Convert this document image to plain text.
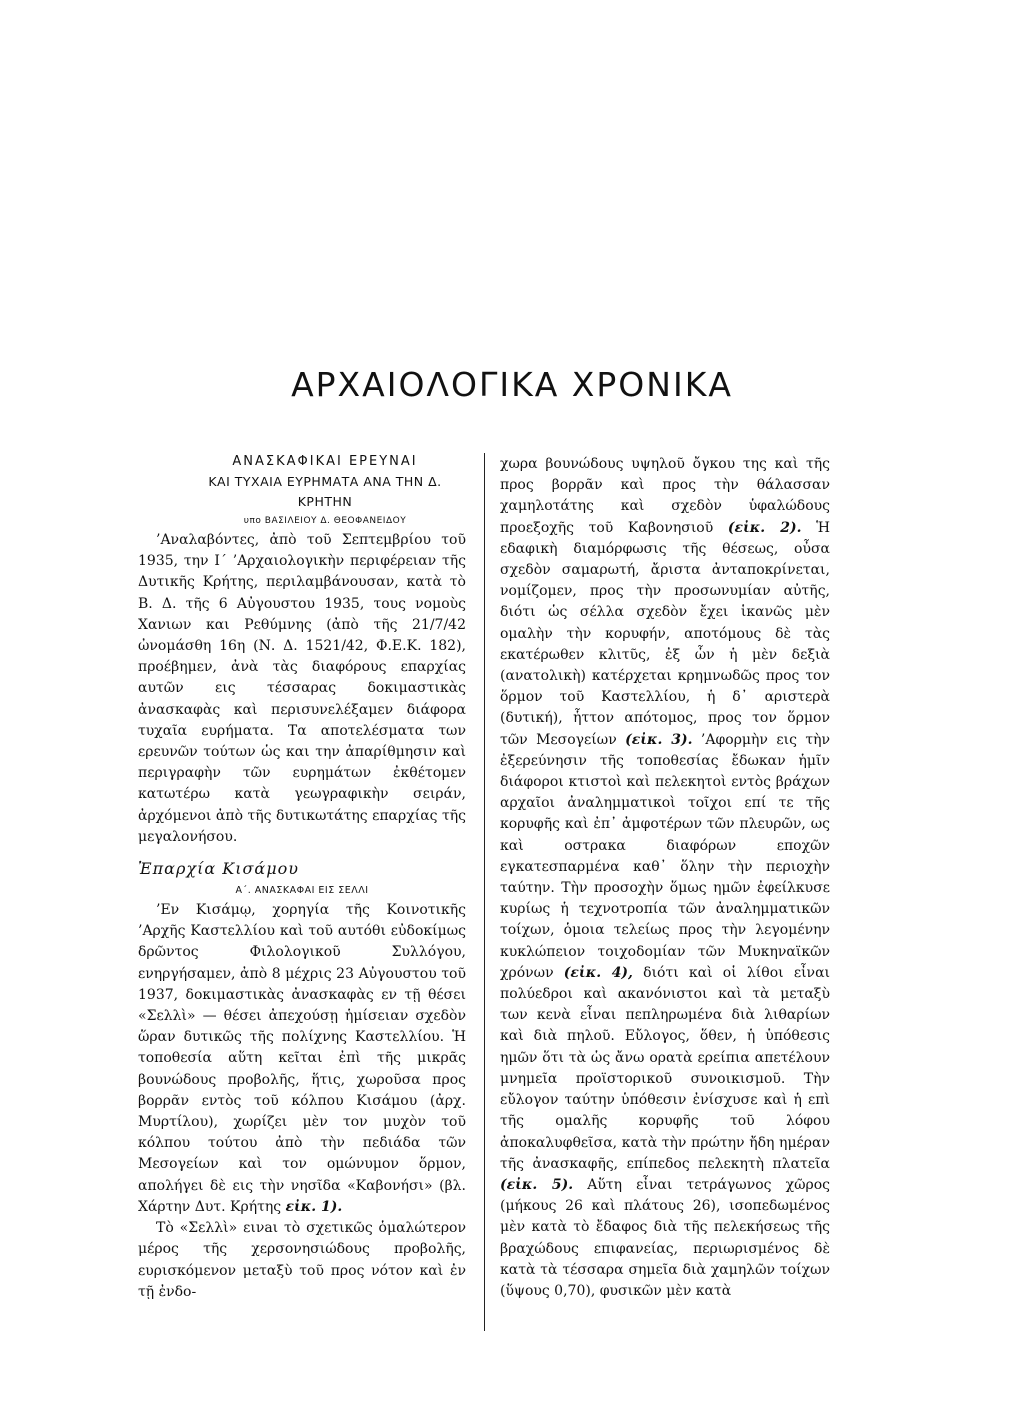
ΑΡΧΑΙΟΛΟΓΙΚΑ ΧΡΟΝΙΚΑ
ΑΝΑΣΚΑΦΙΚΑΙ ΕΡΕΥΝΑΙ
ΚΑΙ ΤΥΧΑΙΑ ΕΥΡΗΜΑΤΑ ΑΝΑ ΤΗΝ Δ. ΚΡΗΤΗΝ
υπο ΒΑΣΙΛΕΙΟΥ Δ. ΘΕΟΦΑΝΕΙΔΟΥ

’Αναλαβόντες, ἀπὸ τοῦ Σεπτεμβρίου τοῦ 1935, την Ι΄ ’Αρχαιολογικὴν περιφέρειαν τῆς Δυτικῆς Κρήτης, περιλαμβάνουσαν, κατὰ τὸ Β. Δ. τῆς 6 Αὐγουστου 1935, τους νομοὺς Χανιων και Ρεθύμνης (ἀπὸ τῆς 21/7/42 ὠνομάσθη 16η (Ν. Δ. 1521/42, Φ.Ε.Κ. 182), προέβημεν, ἀνὰ τὰς διαφόρους επαρχίας αυτῶν εις τέσσαρας δοκιμαστικὰς ἀνασκαφὰς καὶ περισυνελέξαμεν διάφορα τυχαῖα ευρήματα. Τα αποτελέσματα των ερευνῶν τούτων ὡς και την ἀπαρίθμησιν καὶ περιγραφὴν τῶν ευρημάτων ἐκθέτομεν κατωτέρω κατὰ γεωγραφικὴν σειράν, ἀρχόμενοι ἀπὸ τῆς δυτικωτάτης επαρχίας τῆς μεγαλονήσου.

Ἐπαρχία Κισάμου
Α΄. ΑΝΑΣΚΑΦΑΙ ΕΙΣ ΣΕΛΛΙ

’Εν Κισάμῳ, χορηγία τῆς Κοινοτικῆς ’Αρχῆς Καστελλίου καὶ τοῦ αυτόθι εὐδοκίμως δρῶντος Φιλολογικοῦ Συλλόγου, ενηργήσαμεν, ἀπὸ 8 μέχρις 23 Αὐγουστου τοῦ 1937, δοκιμαστικὰς ἀνασκαφὰς εν τῇ θέσει «Σελλὶ» — θέσει ἀπεχούσῃ ἡμίσειαν σχεδὸν ὥραν δυτικῶς τῆς πολίχνης Καστελλίου. Ἡ τοποθεσία αὕτη κεῖται ἐπὶ τῆς μικρᾶς βουνώδους προβολῆς, ἥτις, χωροῦσα προς βορρᾶν εντὸς τοῦ κόλπου Κισάμου (ἀρχ. Μυρτίλου), χωρίζει μὲν τον μυχὸν τοῦ κόλπου τούτου ἀπὸ τὴν πεδιάδα τῶν Μεσογείων καὶ τον ομώνυμον ὅρμον, απολήγει δὲ εις τὴν νησῖδα «Καβονήσι» (βλ. Χάρτην Δυτ. Κρήτης εἰκ. 1).

Τὸ «Σελλὶ» εινaι τὸ σχετικῶς ὁμαλώτερον μέρος τῆς χερσονησιώδους προβολῆς, ευρισκόμενον μεταξὺ τοῦ προς νότον καὶ ἐν τῇ ἐνδο-

χωρα βουνώδους υψηλοῦ ὄγκου της καὶ τῆς προς βορρᾶν καὶ προς τὴν θάλασσαν χαμηλοτάτης καὶ σχεδὸν ὑφαλώδους προεξοχῆς τοῦ Καβονησιοῦ (εἰκ. 2). Ἡ εδαφικὴ διαμόρφωσις τῆς θέσεως, οὖσα σχεδὸν σαμαρωτή, ἄριστα ἀνταποκρίνεται, νομίζομεν, προς τὴν προσωνυμίαν αὐτῆς, διότι ὡς σέλλα σχεδὸν ἔχει ἱκανῶς μὲν ομαλὴν τὴν κορυφήν, αποτόμους δὲ τὰς εκατέρωθεν κλιτῦς, ἐξ ὧν ἡ μὲν δεξιὰ (ανατολικὴ) κατέρχεται κρημνωδῶς προς τον ὅρμον τοῦ Καστελλίου, ἡ δ᾽ αριστερὰ (δυτική), ἧττον απότομος, προς τον ὅρμον τῶν Μεσογείων (εἰκ. 3). ’Αφορμὴν εις τὴν ἐξερεύνησιν τῆς τοποθεσίας ἔδωκαν ἡμῖν διάφοροι κτιστοὶ καὶ πελεκητοὶ εντὸς βράχων αρχαῖοι ἀναλημματικοὶ τοῖχοι επί τε τῆς κορυφῆς καὶ ἐπ᾽ ἀμφοτέρων τῶν πλευρῶν, ως καὶ οστρακα διαφόρων εποχῶν εγκατεσπαρμένα καθ᾽ ὅλην τὴν περιοχὴν ταύτην. Τὴν προσοχὴν ὅμως ημῶν ἐφείλκυσε κυρίως ἡ τεχνοτροπία τῶν ἀναλημματικῶν τοίχων, ὁμοια τελείως προς τὴν λεγομένην κυκλώπειον τοιχοδομίαν τῶν Μυκηναϊκῶν χρόνων (εἰκ. 4), διότι καὶ οἱ λίθοι εἶναι πολύεδροι καὶ ακανόνιστοι καὶ τὰ μεταξὺ των κενὰ εἶναι πεπληρωμένα διὰ λιθαρίων καὶ διὰ πηλοῦ. Εὔλογος, ὅθεν, ἡ ὑπόθεσις ημῶν ὅτι τὰ ὡς ἄνω ορατὰ ερείπια απετέλουν μνημεῖα προϊστορικοῦ συνοικισμοῦ. Τὴν εὔλογον ταύτην ὑπόθεσιν ἐνίσχυσε καὶ ἡ επὶ τῆς ομαλῆς κορυφῆς τοῦ λόφου ἀποκαλυφθεῖσα, κατὰ τὴν πρώτην ἤδη ημέραν τῆς ἀνασκαφῆς, επίπεδος πελεκητὴ πλατεῖα (εἰκ. 5). Αὕτη εἶναι τετράγωνος χῶρος (μήκους 26 καὶ πλάτους 26), ισοπεδωμένος μὲν κατὰ τὸ ἔδαφος διὰ τῆς πελεκήσεως τῆς βραχώδους επιφανείας, περιωρισμένος δὲ κατὰ τὰ τέσσαρα σημεῖα διὰ χαμηλῶν τοίχων (ὕψους 0,70), φυσικῶν μὲν κατὰ
